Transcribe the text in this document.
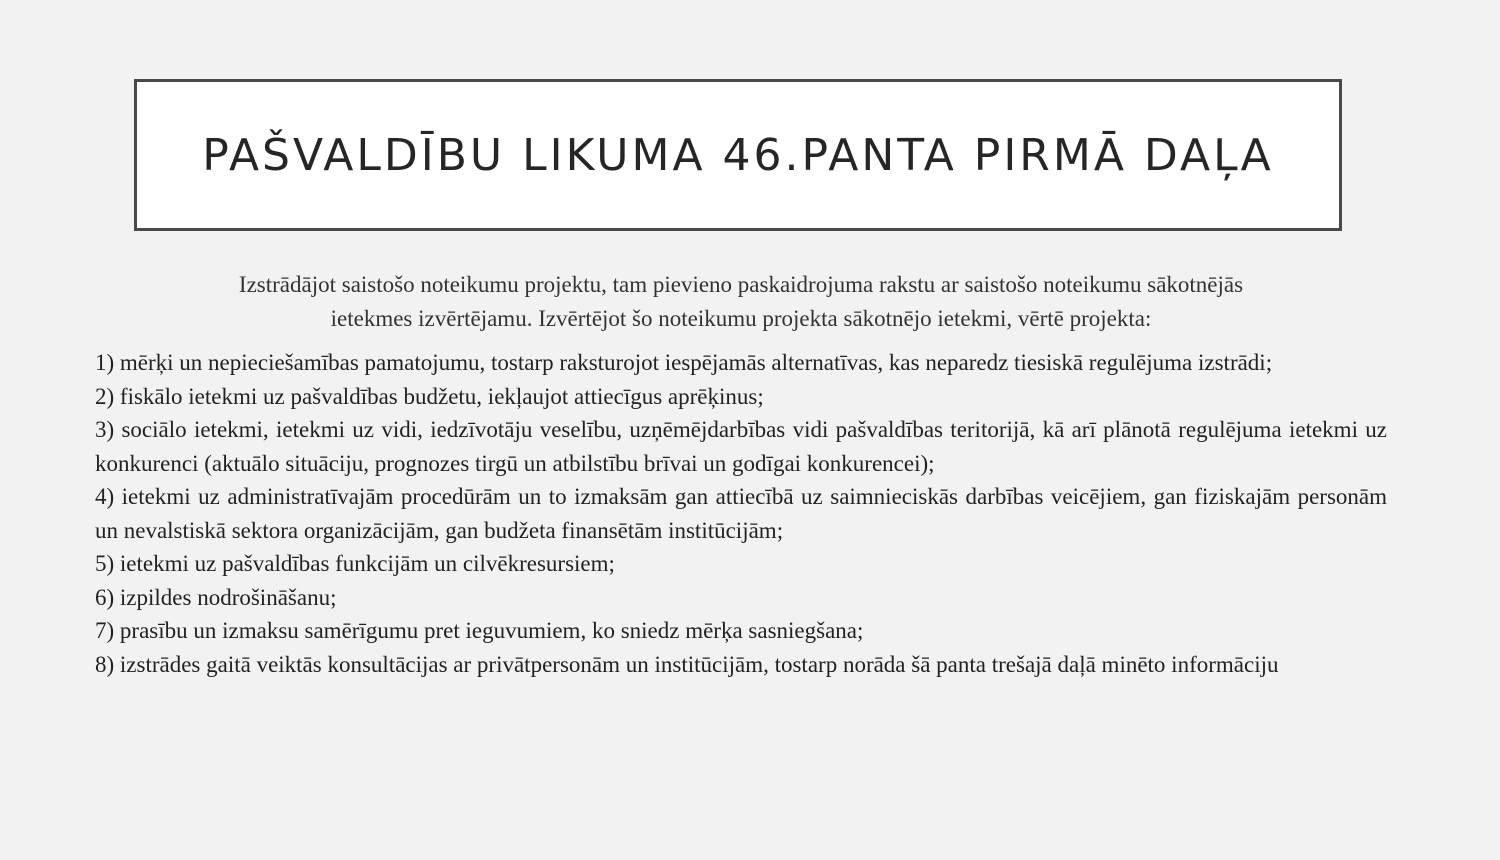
PAŠVALDĪBU LIKUMA 46.PANTA PIRMĀ DAĻA
Izstrādājot saistošo noteikumu projektu, tam pievieno paskaidrojuma rakstu ar saistošo noteikumu sākotnējās
ietekmes izvērtējamu. Izvērtējot šo noteikumu projekta sākotnējo ietekmi, vērtē projekta:
1) mērķi un nepieciešamības pamatojumu, tostarp raksturojot iespējamās alternatīvas, kas neparedz tiesiskā regulējuma izstrādi;
2) fiskālo ietekmi uz pašvaldības budžetu, iekļaujot attiecīgus aprēķinus;
3) sociālo ietekmi, ietekmi uz vidi, iedzīvotāju veselību, uzņēmējdarbības vidi pašvaldības teritorijā, kā arī plānotā regulējuma ietekmi uz konkurenci (aktuālo situāciju, prognozes tirgū un atbilstību brīvai un godīgai konkurencei);
4) ietekmi uz administratīvajām procedūrām un to izmaksām gan attiecībā uz saimnieciskās darbības veicējiem, gan fiziskajām personām un nevalstiskā sektora organizācijām, gan budžeta finansētām institūcijām;
5) ietekmi uz pašvaldības funkcijām un cilvēkresursiem;
6) izpildes nodrošināšanu;
7) prasību un izmaksu samērīgumu pret ieguvumiem, ko sniedz mērķa sasniegšana;
8) izstrādes gaitā veiktās konsultācijas ar privātpersonām un institūcijām, tostarp norāda šā panta trešajā daļā minēto informāciju
